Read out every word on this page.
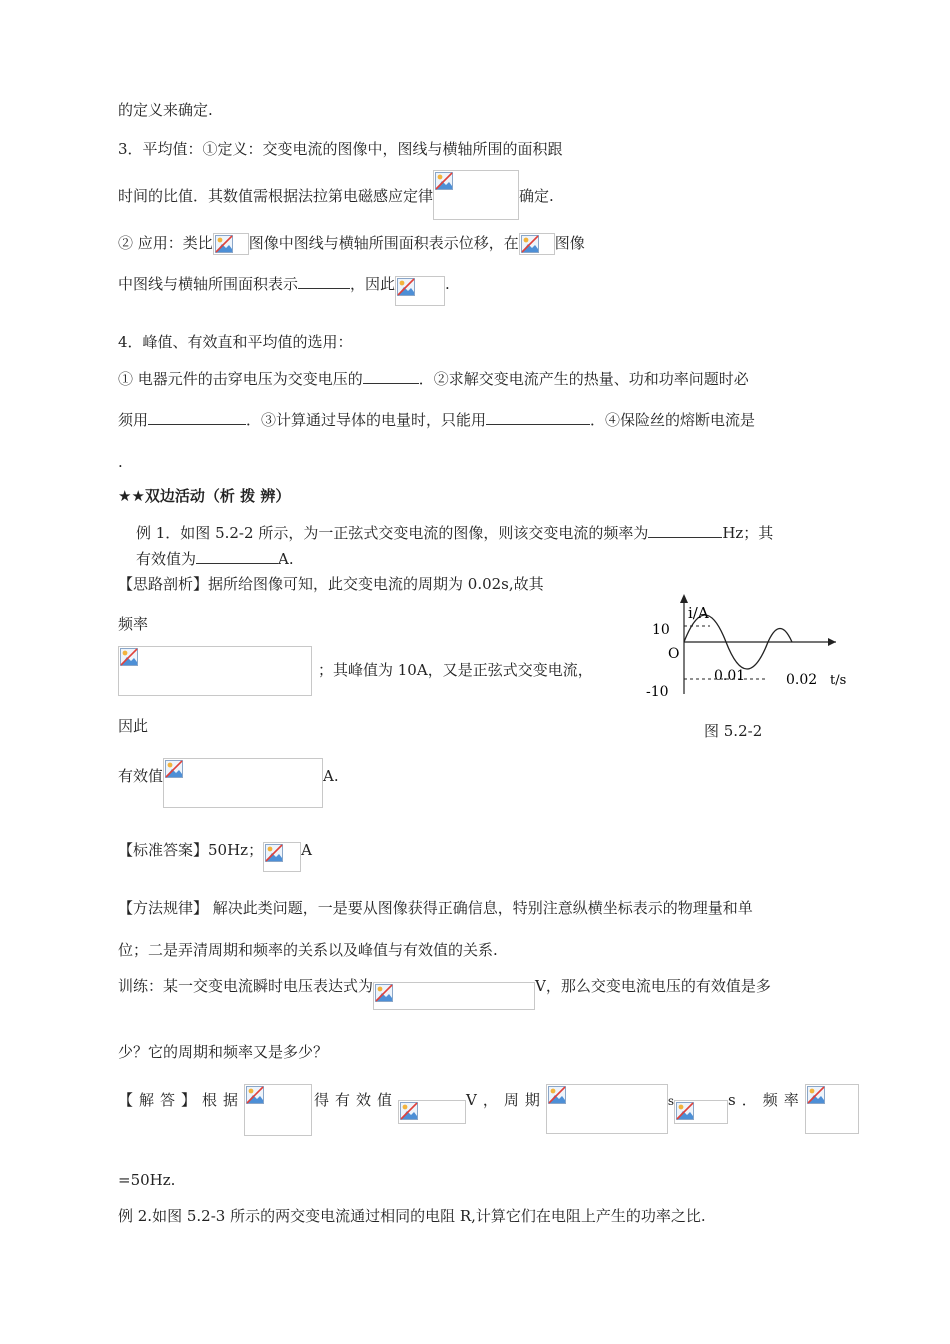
的定义来确定.
3．平均值：①定义：交变电流的图像中，图线与横轴所围的面积跟
时间的比值．其数值需根据法拉第电磁感应定律	确定.
② 应用：类比 图像中图线与横轴所围面积表示位移，在 图像
中图线与横轴所围面积表示	，因此	.
4．峰值、有效直和平均值的选用：
① 电器元件的击穿电压为交变电压的	．②求解交变电流产生的热量、功和功率问题时必
须用	．③计算通过导体的电量时，只能用	．④保险丝的熔断电流是
.
★★双边活动（析 拨 辨）
例 1．如图 5.2-2 所示，为一正弦式交变电流的图像，则该交变电流的频率为	Hz；其
有效值为	A.
【思路剖析】据所给图像可知，此交变电流的周期为 0.02s,故其
频率
；其峰值为 10A，又是正弦式交变电流，
因此
有效值	A.
【标准答案】50Hz；	A
【方法规律】 解决此类问题，一是要从图像获得正确信息，特别注意纵横坐标表示的物理量和单
位；二是弄清周期和频率的关系以及峰值与有效值的关系.
训练：某一交变电流瞬时电压表达式为	V，那么交变电流电压的有效值是多
少？它的周期和频率又是多少？
【解答】根据	得有效值	V，周期	s	s．频率
=50Hz.
例 2.如图 5.2-3 所示的两交变电流通过相同的电阻 R,计算它们在电阻上产生的功率之比.
i/A
10
O
-10
0.01	0.02 t/s
图 5.2-2
